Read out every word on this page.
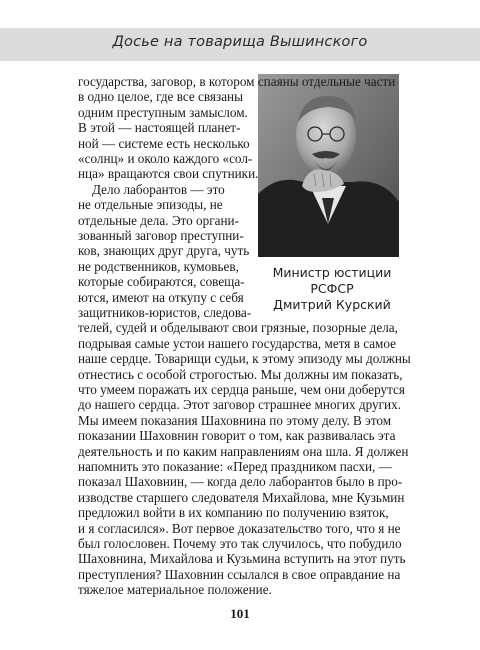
Досье на товарища Вышинского
Министр юстиции
РСФСР
Дмитрий Курский
государства, заговор, в котором спаяны отдельные части
в одно целое, где все связаны
одним преступным замыслом.
В этой — настоящей планет-
ной — системе есть несколько
«солнц» и около каждого «сол-
нца» вращаются свои спутники.
Дело лаборантов — это
не отдельные эпизоды, не
отдельные дела. Это органи-
зованный заговор преступни-
ков, знающих друг друга, чуть
не родственников, кумовьев,
которые собираются, совеща-
ются, имеют на откупу с себя
защитников-юристов, следова-
телей, судей и обделывают свои грязные, позорные дела,
подрывая самые устои нашего государства, метя в самое
наше сердце. Товарищи судьи, к этому эпизоду мы должны
отнестись с особой строгостью. Мы должны им показать,
что умеем поражать их сердца раньше, чем они доберутся
до нашего сердца. Этот заговор страшнее многих других.
Мы имеем показания Шаховнина по этому делу. В этом
показании Шаховнин говорит о том, как развивалась эта
деятельность и по каким направлениям она шла. Я должен
напомнить это показание: «Перед праздником пасхи, —
показал Шаховнин, — когда дело лаборантов было в про-
изводстве старшего следователя Михайлова, мне Кузьмин
предложил войти в их компанию по получению взяток,
и я согласился». Вот первое доказательство того, что я не
был голословен. Почему это так случилось, что побудило
Шаховнина, Михайлова и Кузьмина вступить на этот путь
преступления? Шаховнин ссылался в свое оправдание на
тяжелое материальное положение.
101
